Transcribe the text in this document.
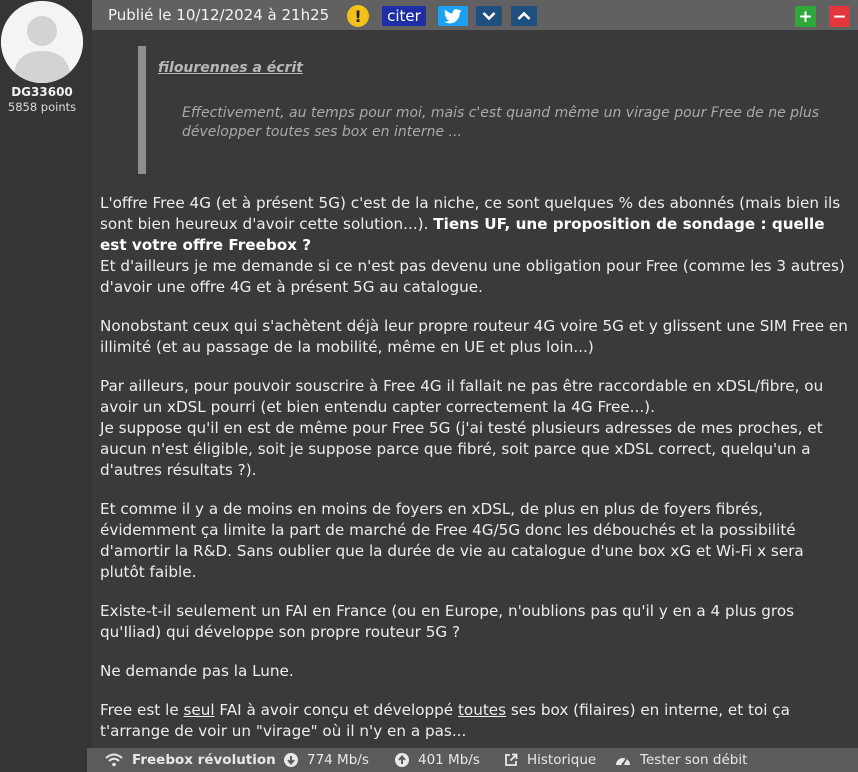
DG33600
5858 points
Publié le 10/12/2024 à 21h25 !	citer	+ −
filourennes a écrit
Effectivement, au temps pour moi, mais c'est quand même un virage pour Free de ne plus développer toutes ses box en interne ...

L'offre Free 4G (et à présent 5G) c'est de la niche, ce sont quelques % des abonnés (mais bien ils sont bien heureux d'avoir cette solution...). Tiens UF, une proposition de sondage : quelle est votre offre Freebox ?
Et d'ailleurs je me demande si ce n'est pas devenu une obligation pour Free (comme les 3 autres) d'avoir une offre 4G et à présent 5G au catalogue.

Nonobstant ceux qui s'achètent déjà leur propre routeur 4G voire 5G et y glissent une SIM Free en illimité (et au passage de la mobilité, même en UE et plus loin...)

Par ailleurs, pour pouvoir souscrire à Free 4G il fallait ne pas être raccordable en xDSL/fibre, ou avoir un xDSL pourri (et bien entendu capter correctement la 4G Free...).
Je suppose qu'il en est de même pour Free 5G (j'ai testé plusieurs adresses de mes proches, et aucun n'est éligible, soit je suppose parce que fibré, soit parce que xDSL correct, quelqu'un a d'autres résultats ?).

Et comme il y a de moins en moins de foyers en xDSL, de plus en plus de foyers fibrés, évidemment ça limite la part de marché de Free 4G/5G donc les débouchés et la possibilité d'amortir la R&D. Sans oublier que la durée de vie au catalogue d'une box xG et Wi-Fi x sera plutôt faible.

Existe-t-il seulement un FAI en France (ou en Europe, n'oublions pas qu'il y en a 4 plus gros qu'Iliad) qui développe son propre routeur 5G ?

Ne demande pas la Lune.

Free est le seul FAI à avoir conçu et développé toutes ses box (filaires) en interne, et toi ça t'arrange de voir un "virage" où il n'y en a pas...

Freebox révolution 774 Mb/s	401 Mb/s	Historique	Tester son débit
